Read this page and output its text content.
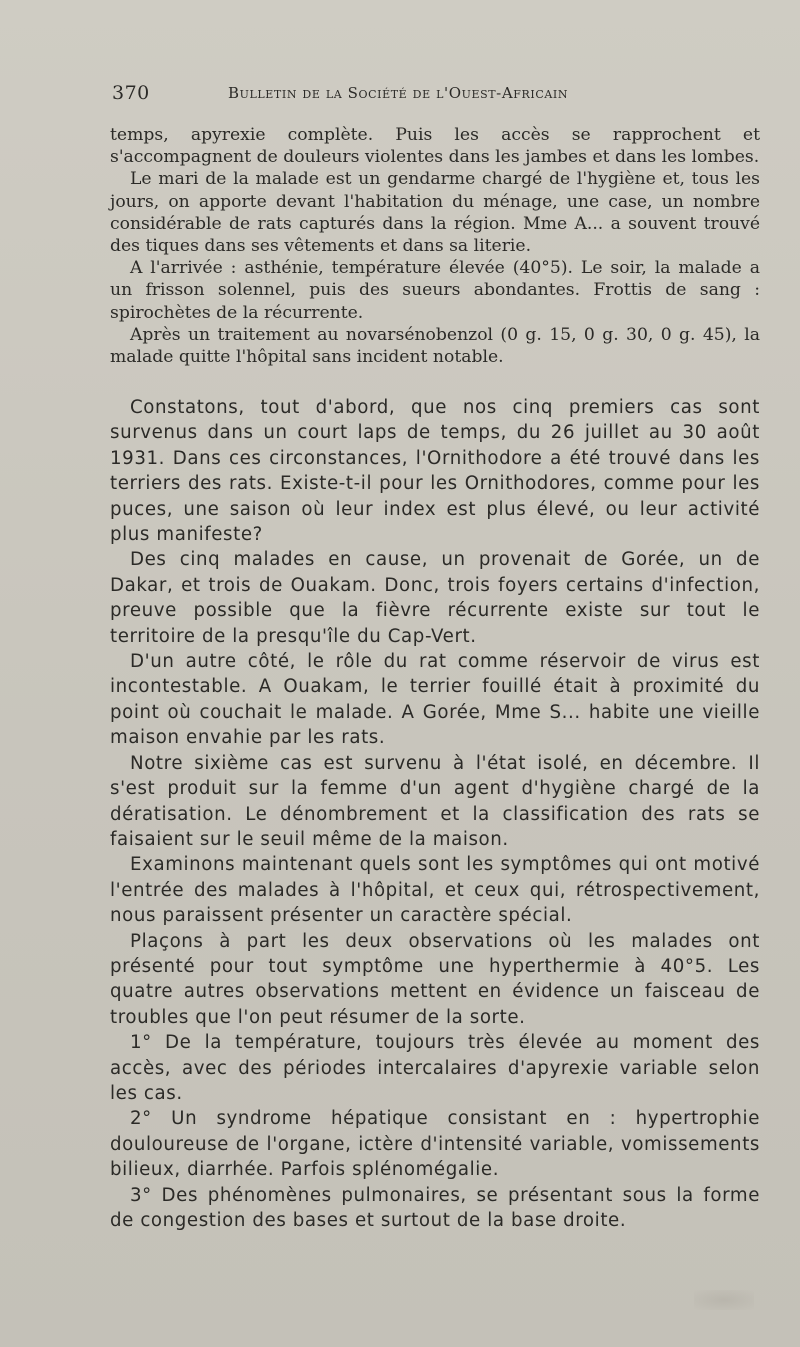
370	Bulletin de la Société de l'Ouest-Africain

temps, apyrexie complète. Puis les accès se rapprochent et s'accompagnent de douleurs violentes dans les jambes et dans les lombes.

Le mari de la malade est un gendarme chargé de l'hygiène et, tous les jours, on apporte devant l'habitation du ménage, une case, un nombre considérable de rats capturés dans la région. Mme A... a souvent trouvé des tiques dans ses vêtements et dans sa literie.

A l'arrivée : asthénie, température élevée (40°5). Le soir, la malade a un frisson solennel, puis des sueurs abondantes. Frottis de sang : spirochètes de la récurrente.

Après un traitement au novarsénobenzol (0 g. 15, 0 g. 30, 0 g. 45), la malade quitte l'hôpital sans incident notable.

Constatons, tout d'abord, que nos cinq premiers cas sont survenus dans un court laps de temps, du 26 juillet au 30 août 1931. Dans ces circonstances, l'Ornithodore a été trouvé dans les terriers des rats. Existe-t-il pour les Ornithodores, comme pour les puces, une saison où leur index est plus élevé, ou leur activité plus manifeste?

Des cinq malades en cause, un provenait de Gorée, un de Dakar, et trois de Ouakam. Donc, trois foyers certains d'infection, preuve possible que la fièvre récurrente existe sur tout le territoire de la presqu'île du Cap-Vert.

D'un autre côté, le rôle du rat comme réservoir de virus est incontestable. A Ouakam, le terrier fouillé était à proximité du point où couchait le malade. A Gorée, Mme S... habite une vieille maison envahie par les rats.

Notre sixième cas est survenu à l'état isolé, en décembre. Il s'est produit sur la femme d'un agent d'hygiène chargé de la dératisation. Le dénombrement et la classification des rats se faisaient sur le seuil même de la maison.

Examinons maintenant quels sont les symptômes qui ont motivé l'entrée des malades à l'hôpital, et ceux qui, rétrospectivement, nous paraissent présenter un caractère spécial.

Plaçons à part les deux observations où les malades ont présenté pour tout symptôme une hyperthermie à 40°5. Les quatre autres observations mettent en évidence un faisceau de troubles que l'on peut résumer de la sorte.

1° De la température, toujours très élevée au moment des accès, avec des périodes intercalaires d'apyrexie variable selon les cas.

2° Un syndrome hépatique consistant en : hypertrophie douloureuse de l'organe, ictère d'intensité variable, vomissements bilieux, diarrhée. Parfois splénomégalie.

3° Des phénomènes pulmonaires, se présentant sous la forme de congestion des bases et surtout de la base droite.
